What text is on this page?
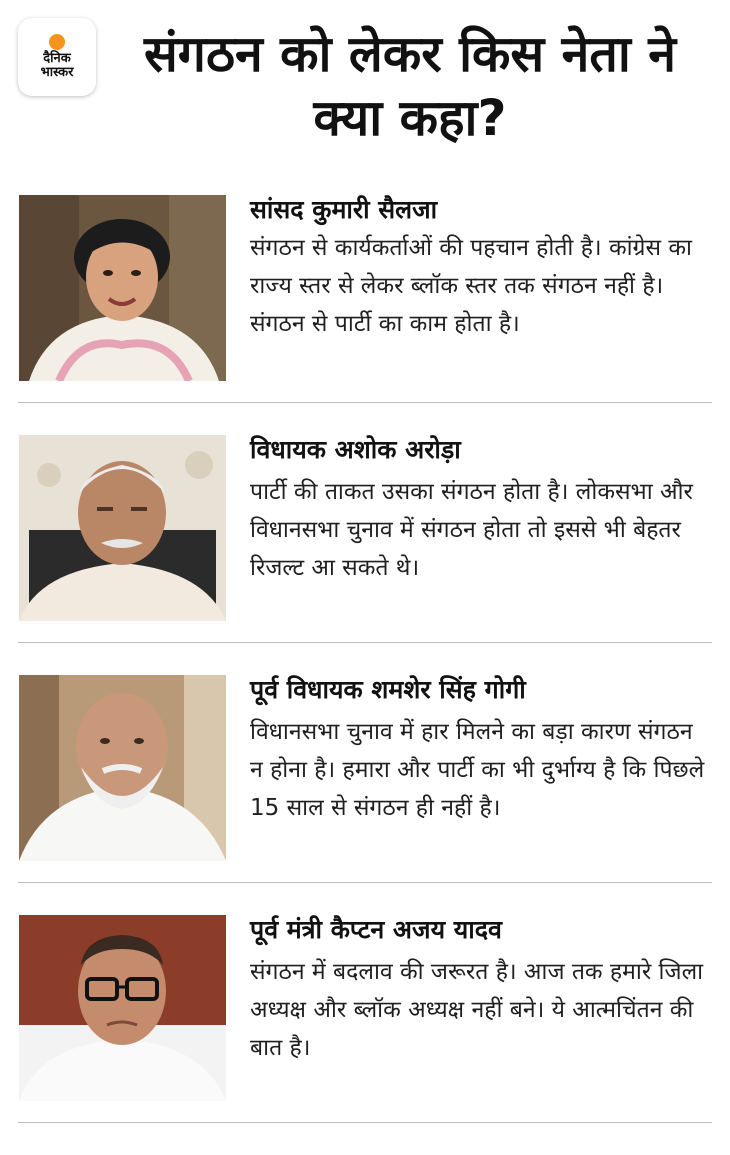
दैनिक
भास्कर	संगठन को लेकर किस नेता ने क्या कहा?
सांसद कुमारी सैलजा
संगठन से कार्यकर्ताओं की पहचान होती है। कांग्रेस का राज्य स्तर से लेकर ब्लॉक स्तर तक संगठन नहीं है। संगठन से पार्टी का काम होता है।
विधायक अशोक अरोड़ा
पार्टी की ताकत उसका संगठन होता है। लोकसभा और विधानसभा चुनाव में संगठन होता तो इससे भी बेहतर रिजल्ट आ सकते थे।
पूर्व विधायक शमशेर सिंह गोगी
विधानसभा चुनाव में हार मिलने का बड़ा कारण संगठन न होना है। हमारा और पार्टी का भी दुर्भाग्य है कि पिछले 15 साल से संगठन ही नहीं है।
पूर्व मंत्री कैप्टन अजय यादव
संगठन में बदलाव की जरूरत है। आज तक हमारे जिला अध्यक्ष और ब्लॉक अध्यक्ष नहीं बने। ये आत्मचिंतन की बात है।
